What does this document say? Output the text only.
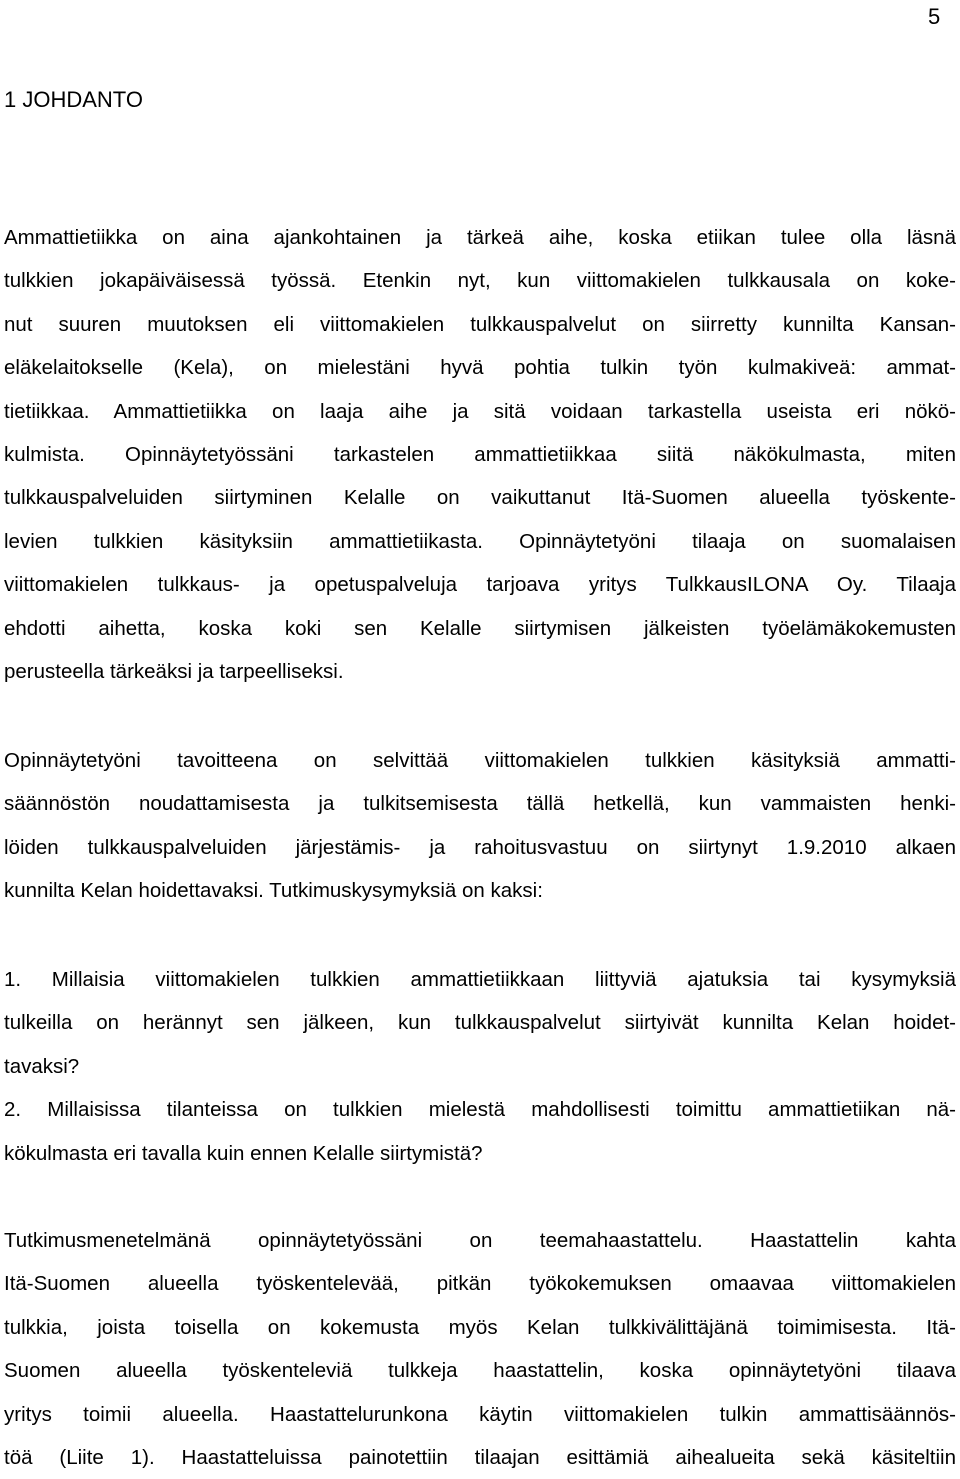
5
1 JOHDANTO
Ammattietiikka on aina ajankohtainen ja tärkeä aihe, koska etiikan tulee olla läsnä
tulkkien jokapäiväisessä työssä. Etenkin nyt, kun viittomakielen tulkkausala on koke-
nut suuren muutoksen eli viittomakielen tulkkauspalvelut on siirretty kunnilta Kansan-
eläkelaitokselle (Kela), on mielestäni hyvä pohtia tulkin työn kulmakiveä: ammat-
tietiikkaa. Ammattietiikka on laaja aihe ja sitä voidaan tarkastella useista eri nökö-
kulmista. Opinnäytetyössäni tarkastelen ammattietiikkaa siitä näkökulmasta, miten
tulkkauspalveluiden siirtyminen Kelalle on vaikuttanut Itä-Suomen alueella työskente-
levien tulkkien käsityksiin ammattietiikasta. Opinnäytetyöni tilaaja on suomalaisen
viittomakielen tulkkaus- ja opetuspalveluja tarjoava yritys TulkkausILONA Oy. Tilaaja
ehdotti aihetta, koska koki sen Kelalle siirtymisen jälkeisten työelämäkokemusten
perusteella tärkeäksi ja tarpeelliseksi.
Opinnäytetyöni tavoitteena on selvittää viittomakielen tulkkien käsityksiä ammatti-
säännöstön noudattamisesta ja tulkitsemisesta tällä hetkellä, kun vammaisten henki-
löiden tulkkauspalveluiden järjestämis- ja rahoitusvastuu on siirtynyt 1.9.2010 alkaen
kunnilta Kelan hoidettavaksi. Tutkimuskysymyksiä on kaksi:
1. Millaisia viittomakielen tulkkien ammattietiikkaan liittyviä ajatuksia tai kysymyksiä
tulkeilla on herännyt sen jälkeen, kun tulkkauspalvelut siirtyivät kunnilta Kelan hoidet-
tavaksi?
2. Millaisissa tilanteissa on tulkkien mielestä mahdollisesti toimittu ammattietiikan nä-
kökulmasta eri tavalla kuin ennen Kelalle siirtymistä?
Tutkimusmenetelmänä opinnäytetyössäni on teemahaastattelu. Haastattelin kahta
Itä-Suomen alueella työskentelevää, pitkän työkokemuksen omaavaa viittomakielen
tulkkia, joista toisella on kokemusta myös Kelan tulkkivälittäjänä toimimisesta. Itä-
Suomen alueella työskenteleviä tulkkeja haastattelin, koska opinnäytetyöni tilaava
yritys toimii alueella. Haastattelurunkona käytin viittomakielen tulkin ammattisäännös-
töä (Liite 1). Haastatteluissa painotettiin tilaajan esittämiä aihealueita sekä käsiteltiin
